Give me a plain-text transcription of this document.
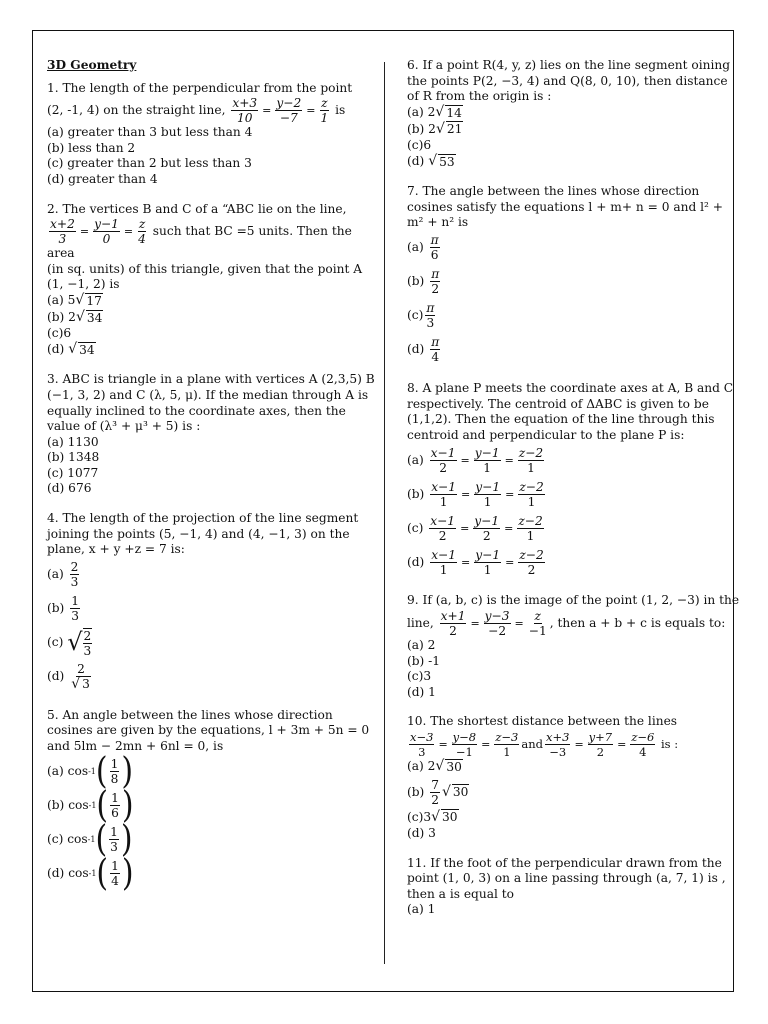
3D Geometry
1. The length of the perpendicular from the point
(2, -1, 4) on the straight line,
$\frac{x+3}{10} = \frac{y-2}{-7} = \frac{z}{1}$
is
(a) greater than 3 but less than 4
(b) less than 2
(c) greater than 2 but less than 3
(d) greater than 4
2. The vertices B and C of a “ABC lie on the line,
$\frac{x+2}{3} = \frac{y-1}{0} = \frac{z}{4}$
such that BC =5 units. Then the
area
(in sq. units) of this triangle, given that the point A
(1, −1, 2) is
(a) 5 √ 17
(b) 2 √ 34
(c)6
(d)
√ 34
3. ABC is triangle in a plane with vertices A (2,3,5) B
(−1, 3, 2) and C (λ, 5, μ). If the median through A is
equally inclined to the coordinate axes, then the
value of (λ³ + μ³ + 5) is :
(a) 1130
(b) 1348
(c) 1077
(d) 676
4. The length of the projection of the line segment
joining the points (5, −1, 4) and (4, −1, 3) on the
plane, x + y +z = 7 is:
(a)
$\frac{2}{3}$
(b)
$\frac{1}{3}$
(c)
√ $\frac{2}{3}$
(d)
$\frac{2}{√ 3}$
5. An angle between the lines whose direction
cosines are given by the equations, l + 3m + 5n = 0
and 5lm − 2mn + 6nl = 0, is
(a)
cos -1 ( $\frac{1}{8}$ )
(b)
cos -1 ( $\frac{1}{6}$ )
(c)
cos -1 ( $\frac{1}{3}$ )
(d)
cos -1 ( $\frac{1}{4}$ )
6. If a point R(4, y, z) lies on the line segment oining
the points P(2, −3, 4) and Q(8, 0, 10), then distance
of R from the origin is :
(a) 2 √ 14
(b) 2 √ 21
(c)6
(d)
√ 53
7. The angle between the lines whose direction
cosines satisfy the equations l + m+ n = 0 and l² +
m² + n² is
(a)
$\frac{\pi}{6}$
(b)
$\frac{\pi}{2}$
$(c) \frac{\pi}{3}$
(d)
$\frac{\pi}{4}$
8. A plane P meets the coordinate axes at A, B and C
respectively. The centroid of ΔABC is given to be
(1,1,2). Then the equation of the line through this
centroid and perpendicular to the plane P is:
(a)
$\frac{x-1}{2} = \frac{y-1}{1} = \frac{z-2}{1}$
(b)
$\frac{x-1}{1} = \frac{y-1}{1} = \frac{z-2}{1}$
(c)
$\frac{x-1}{2} = \frac{y-1}{2} = \frac{z-2}{1}$
(d)
$\frac{x-1}{1} = \frac{y-1}{1} = \frac{z-2}{2}$
9. If (a, b, c) is the image of the point (1, 2, −3) in the
line,
$\frac{x+1}{2} = \frac{y-3}{-2} = \frac{z}{-1}$ , then a + b + c is equals to:
(a) 2
(b) -1
(c)3
(d) 1
10. The shortest distance between the lines
$\frac{x-3}{3} = \frac{y-8}{-1} = \frac{z-3}{1}$ and $\frac{x+3}{-3} = \frac{y+7}{2} = \frac{z-6}{4}$
is :
(a) 2 √ 30
(b)
$\frac{7}{2}$ √ 30
(c)3 √ 30
(d) 3
11. If the foot of the perpendicular drawn from the
point (1, 0, 3) on a line passing through (a, 7, 1) is ,
then a is equal to
(a) 1
